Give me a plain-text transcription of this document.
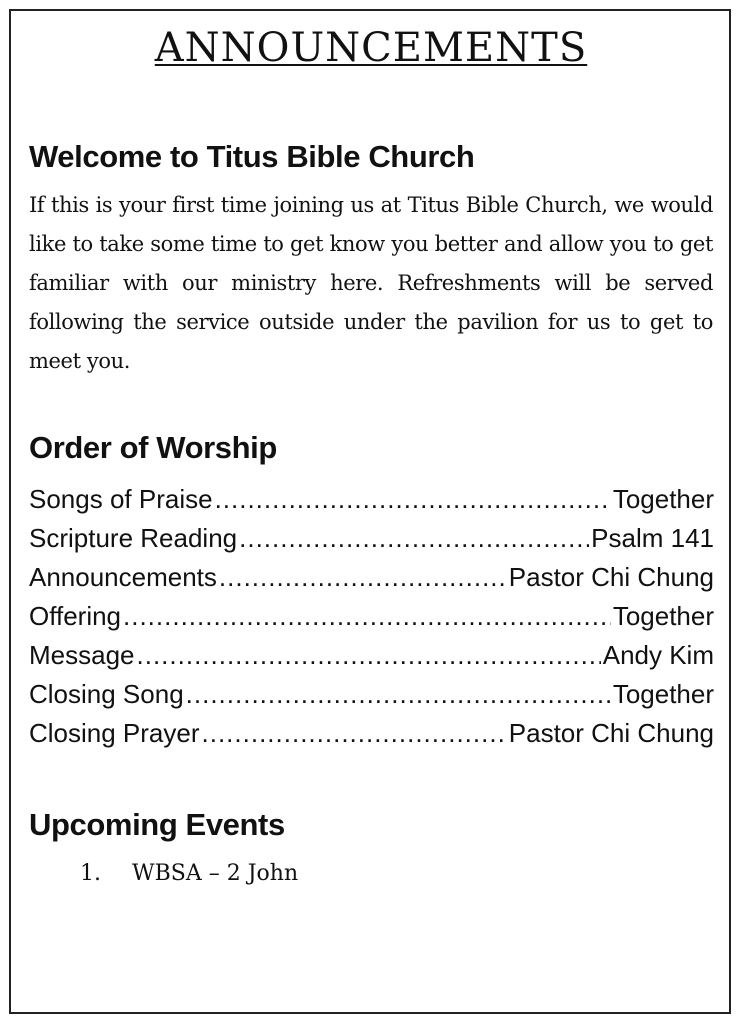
ANNOUNCEMENTS
Welcome to Titus Bible Church
If this is your first time joining us at Titus Bible Church, we would like to take some time to get know you better and allow you to get familiar with our ministry here. Refreshments will be served following the service outside under the pavilion for us to get to meet you.
Order of Worship
Songs of Praise .....	Together
Scripture Reading .....	Psalm 141
Announcements .....	Pastor Chi Chung
Offering .....	Together
Message .....	Andy Kim
Closing Song .....	Together
Closing Prayer .....	Pastor Chi Chung
Upcoming Events
1.	WBSA – 2 John
